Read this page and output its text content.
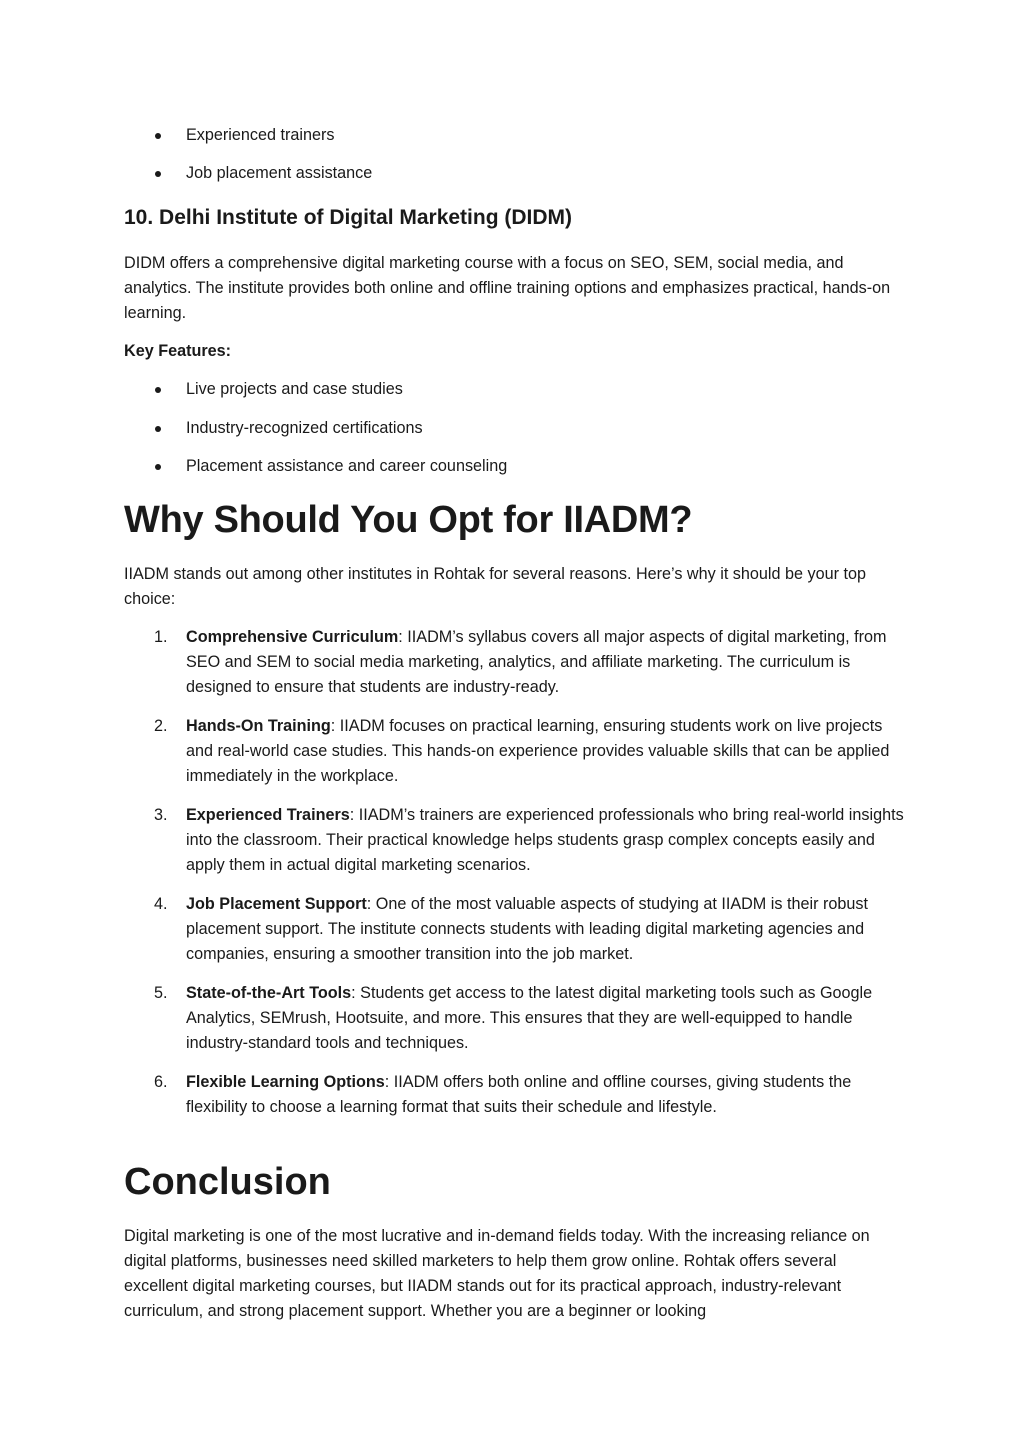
Experienced trainers
Job placement assistance
10. Delhi Institute of Digital Marketing (DIDM)

DIDM offers a comprehensive digital marketing course with a focus on SEO, SEM, social media, and analytics. The institute provides both online and offline training options and emphasizes practical, hands-on learning.

Key Features:

Live projects and case studies
Industry-recognized certifications
Placement assistance and career counseling
Why Should You Opt for IIADM?

IIADM stands out among other institutes in Rohtak for several reasons. Here’s why it should be your top choice:

1. Comprehensive Curriculum: IIADM’s syllabus covers all major aspects of digital marketing, from SEO and SEM to social media marketing, analytics, and affiliate marketing. The curriculum is designed to ensure that students are industry-ready.
2. Hands-On Training: IIADM focuses on practical learning, ensuring students work on live projects and real-world case studies. This hands-on experience provides valuable skills that can be applied immediately in the workplace.
3. Experienced Trainers: IIADM’s trainers are experienced professionals who bring real-world insights into the classroom. Their practical knowledge helps students grasp complex concepts easily and apply them in actual digital marketing scenarios.
4. Job Placement Support: One of the most valuable aspects of studying at IIADM is their robust placement support. The institute connects students with leading digital marketing agencies and companies, ensuring a smoother transition into the job market.
5. State-of-the-Art Tools: Students get access to the latest digital marketing tools such as Google Analytics, SEMrush, Hootsuite, and more. This ensures that they are well-equipped to handle industry-standard tools and techniques.
6. Flexible Learning Options: IIADM offers both online and offline courses, giving students the flexibility to choose a learning format that suits their schedule and lifestyle.
Conclusion

Digital marketing is one of the most lucrative and in-demand fields today. With the increasing reliance on digital platforms, businesses need skilled marketers to help them grow online. Rohtak offers several excellent digital marketing courses, but IIADM stands out for its practical approach, industry-relevant curriculum, and strong placement support. Whether you are a beginner or looking
